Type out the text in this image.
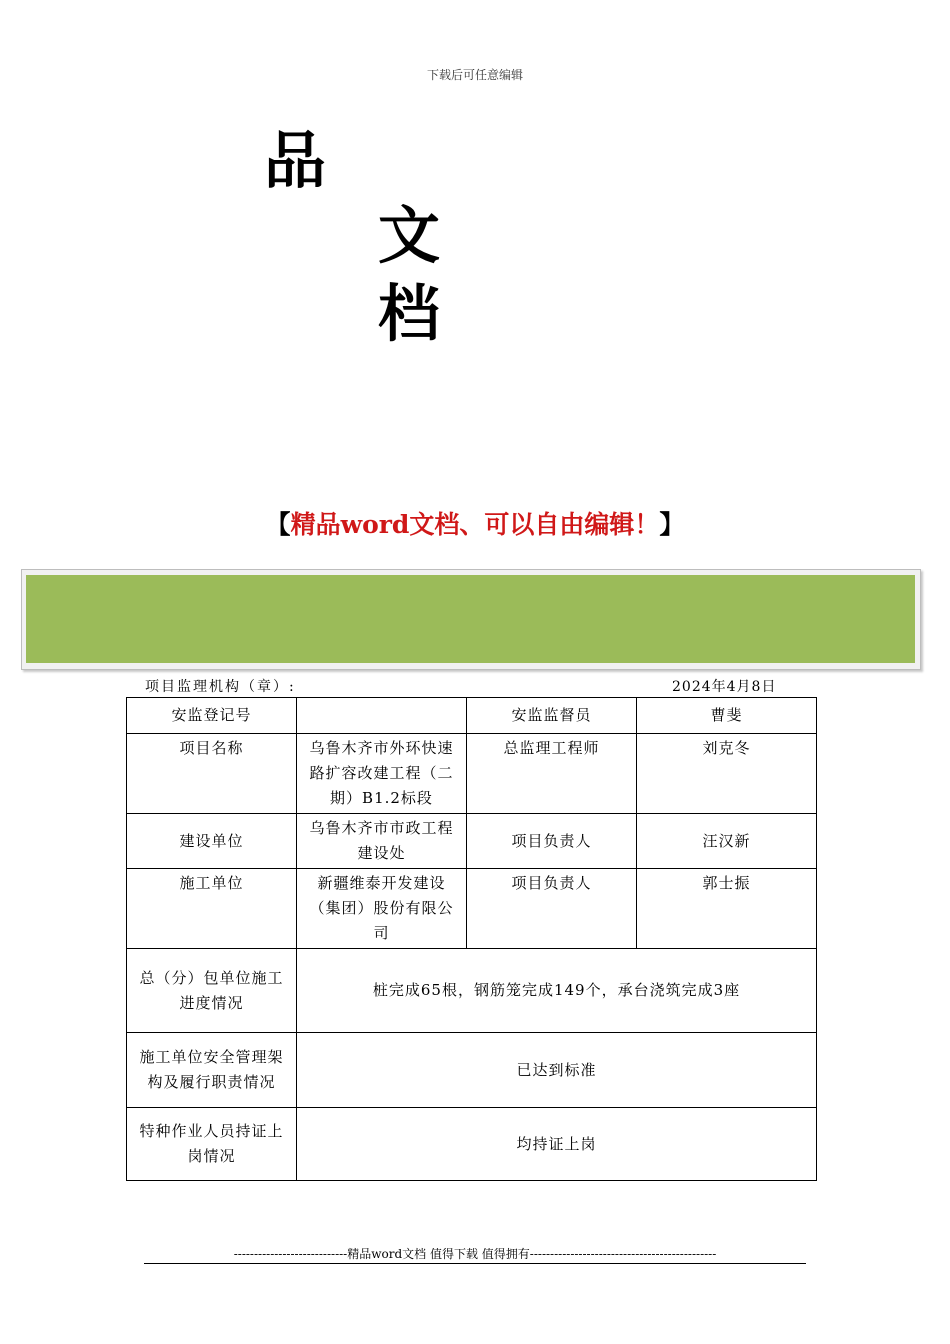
下载后可任意编辑
品
文
档
【精品word文档、可以自由编辑！】
项目监理机构（章）:	2024年4月8日
安监登记号		安监监督员	曹斐
项目名称	乌鲁木齐市外环快速路扩容改建工程（二期）B1.2标段	总监理工程师	刘克冬
建设单位	乌鲁木齐市市政工程建设处	项目负责人	汪汉新
施工单位	新疆维泰开发建设（集团）股份有限公司	项目负责人	郭士振
总（分）包单位施工进度情况	桩完成65根，钢筋笼完成149个，承台浇筑完成3座		
施工单位安全管理架构及履行职责情况	已达到标准		
特种作业人员持证上岗情况	均持证上岗		
----------------------------精品word文档 值得下载 值得拥有----------------------------------------------
